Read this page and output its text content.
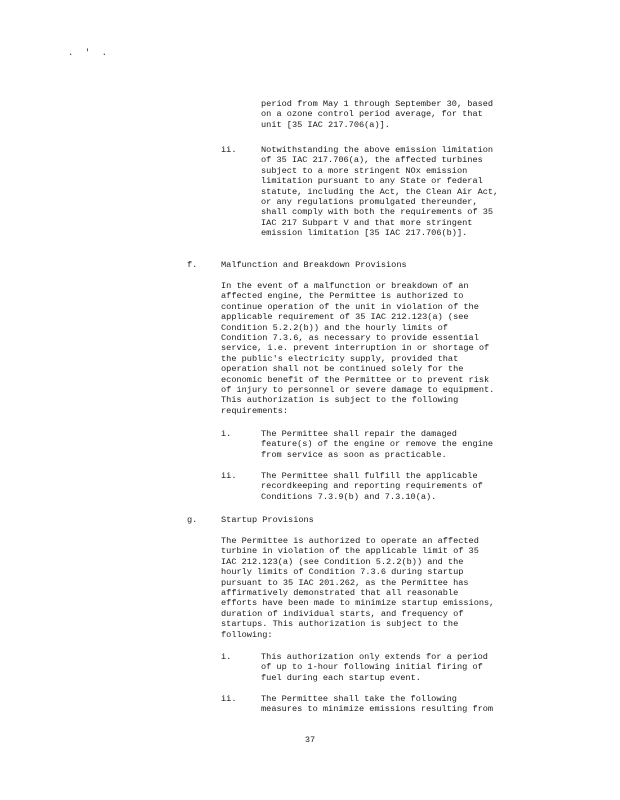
. ' .
period from May 1 through September 30, based
on a ozone control period average, for that
unit [35 IAC 217.706(a)].
ii.	Notwithstanding the above emission limitation
of 35 IAC 217.706(a), the affected turbines
subject to a more stringent NOx emission
limitation pursuant to any State or federal
statute, including the Act, the Clean Air Act,
or any regulations promulgated thereunder,
shall comply with both the requirements of 35
IAC 217 Subpart V and that more stringent
emission limitation [35 IAC 217.706(b)].
f.	Malfunction and Breakdown Provisions
In the event of a malfunction or breakdown of an
affected engine, the Permittee is authorized to
continue operation of the unit in violation of the
applicable requirement of 35 IAC 212.123(a) (see
Condition 5.2.2(b)) and the hourly limits of
Condition 7.3.6, as necessary to provide essential
service, i.e. prevent interruption in or shortage of
the public's electricity supply, provided that
operation shall not be continued solely for the
economic benefit of the Permittee or to prevent risk
of injury to personnel or severe damage to equipment.
This authorization is subject to the following
requirements:
i.	The Permittee shall repair the damaged
feature(s) of the engine or remove the engine
from service as soon as practicable.
ii.	The Permittee shall fulfill the applicable
recordkeeping and reporting requirements of
Conditions 7.3.9(b) and 7.3.10(a).
g.	Startup Provisions
The Permittee is authorized to operate an affected
turbine in violation of the applicable limit of 35
IAC 212.123(a) (see Condition 5.2.2(b)) and the
hourly limits of Condition 7.3.6 during startup
pursuant to 35 IAC 201.262, as the Permittee has
affirmatively demonstrated that all reasonable
efforts have been made to minimize startup emissions,
duration of individual starts, and frequency of
startups. This authorization is subject to the
following:
i.	This authorization only extends for a period
of up to 1-hour following initial firing of
fuel during each startup event.
ii.	The Permittee shall take the following
measures to minimize emissions resulting from
37
